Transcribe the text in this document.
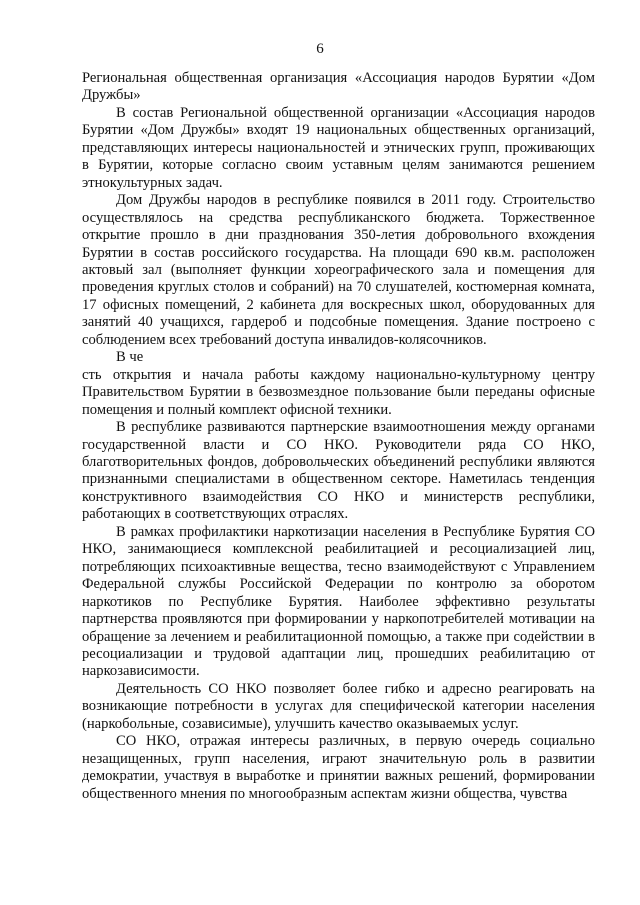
6

Региональная общественная организация «Ассоциация народов Бурятии «Дом Дружбы»

В состав Региональной общественной организации «Ассоциация народов Бурятии «Дом Дружбы» входят 19 национальных общественных организаций, представляющих интересы национальностей и этнических групп, проживающих в Бурятии, которые согласно своим уставным целям занимаются решением этнокультурных задач.

Дом Дружбы народов в республике появился в 2011 году. Строительство осуществлялось на средства республиканского бюджета. Торжественное открытие прошло в дни празднования 350-летия добровольного вхождения Бурятии в состав российского государства. На площади 690 кв.м. расположен актовый зал (выполняет функции хореографического зала и помещения для проведения круглых столов и собраний) на 70 слушателей, костюмерная комната, 17 офисных помещений, 2 кабинета для воскресных школ, оборудованных для занятий 40 учащихся, гардероб и подсобные помещения. Здание построено с соблюдением всех требований доступа инвалидов-колясочников.

В че

сть открытия и начала работы каждому национально-культурному центру Правительством Бурятии в безвозмездное пользование были переданы офисные помещения и полный комплект офисной техники.

В республике развиваются партнерские взаимоотношения между органами государственной власти и СО НКО. Руководители ряда СО НКО, благотворительных фондов, добровольческих объединений республики являются признанными специалистами в общественном секторе. Наметилась тенденция конструктивного взаимодействия СО НКО и министерств республики, работающих в соответствующих отраслях.

В рамках профилактики наркотизации населения в Республике Бурятия СО НКО, занимающиеся комплексной реабилитацией и ресоциализацией лиц, потребляющих психоактивные вещества, тесно взаимодействуют с Управлением Федеральной службы Российской Федерации по контролю за оборотом наркотиков по Республике Бурятия. Наиболее эффективно результаты партнерства проявляются при формировании у наркопотребителей мотивации на обращение за лечением и реабилитационной помощью, а также при содействии в ресоциализации и трудовой адаптации лиц, прошедших реабилитацию от наркозависимости.

Деятельность СО НКО позволяет более гибко и адресно реагировать на возникающие потребности в услугах для специфической категории населения (наркобольные, созависимые), улучшить качество оказываемых услуг.

СО НКО, отражая интересы различных, в первую очередь социально незащищенных, групп населения, играют значительную роль в развитии демократии, участвуя в выработке и принятии важных решений, формировании общественного мнения по многообразным аспектам жизни общества, чувства
